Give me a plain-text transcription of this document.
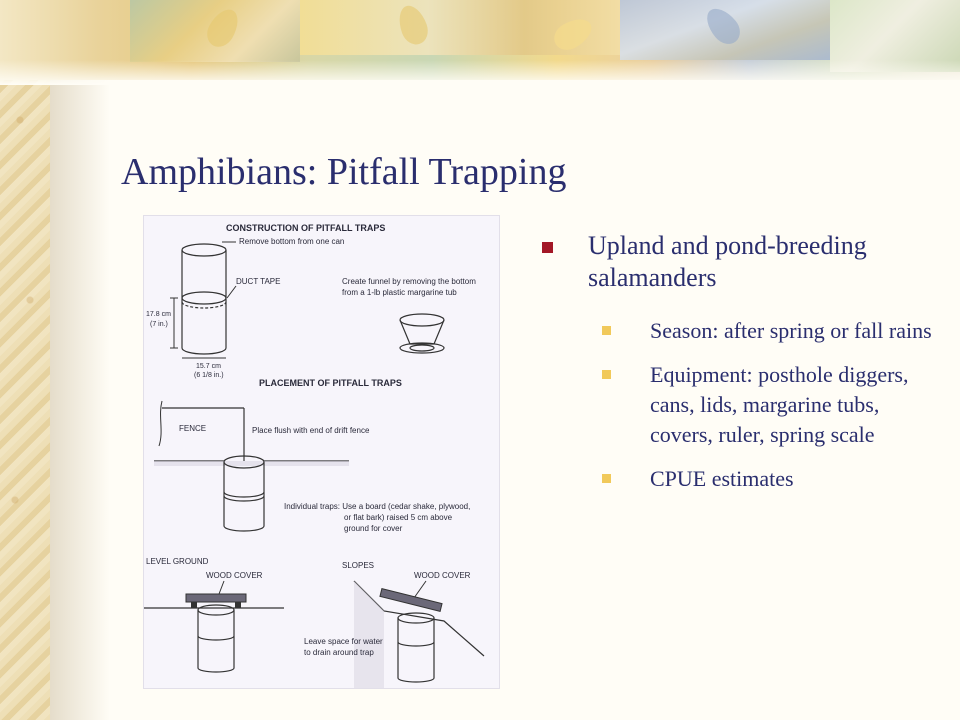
Amphibians: Pitfall Trapping
CONSTRUCTION OF PITFALL TRAPS
Remove bottom from one can
DUCT TAPE
17.8 cm
(7 in.)
15.7 cm
(6 1/8 in.)
Create funnel by removing the bottom
from a 1-lb plastic margarine tub
PLACEMENT OF PITFALL TRAPS
FENCE	Place flush with end of drift fence
Individual traps: Use a board (cedar shake, plywood,
or flat bark) raised 5 cm above
ground for cover
LEVEL GROUND
WOOD COVER
SLOPES
WOOD COVER
Leave space for water
to drain around trap
Upland and pond-breeding salamanders
Season: after spring or fall rains
Equipment: posthole diggers, cans, lids, margarine tubs, covers, ruler, spring scale
CPUE estimates
